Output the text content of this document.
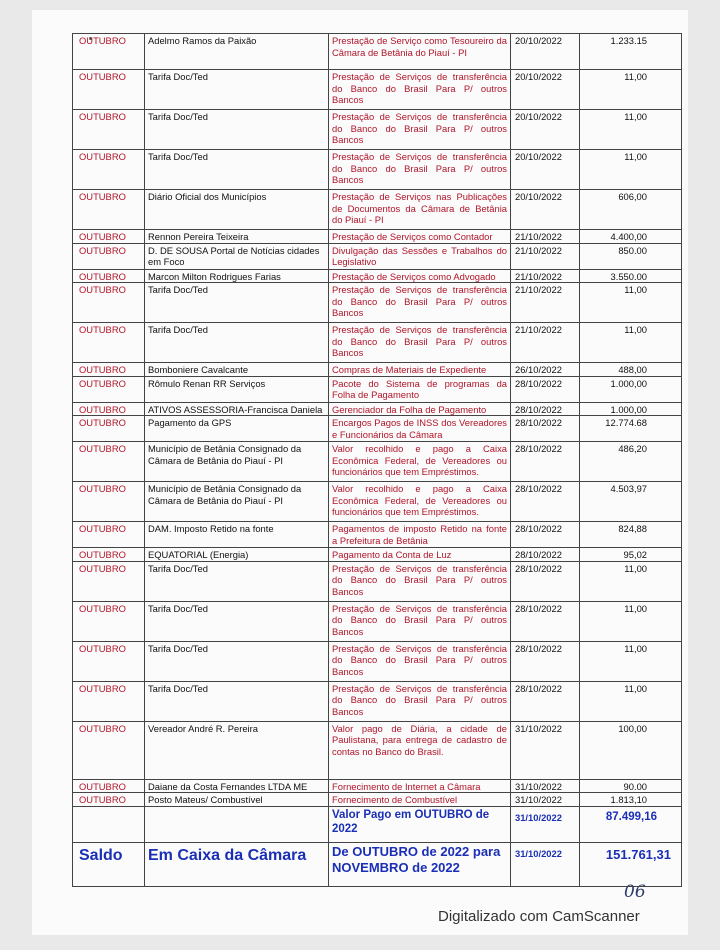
OUTUBRO	Adelmo Ramos da Paixão	Prestação de Serviço como Tesoureiro da Câmara de Betânia do Piauí - PI	20/10/2022	1.233.15
OUTUBRO	Tarifa Doc/Ted	Prestação de Serviços de transferência do Banco do Brasil Para P/ outros Bancos	20/10/2022	11,00
OUTUBRO	Tarifa Doc/Ted	Prestação de Serviços de transferência do Banco do Brasil Para P/ outros Bancos	20/10/2022	11,00
OUTUBRO	Tarifa Doc/Ted	Prestação de Serviços de transferência do Banco do Brasil Para P/ outros Bancos	20/10/2022	11,00
OUTUBRO	Diário Oficial dos Municípios	Prestação de Serviços nas Publicações de Documentos da Câmara de Betânia do Piauí - PI	20/10/2022	606,00
OUTUBRO	Rennon Pereira Teixeira	Prestação de Serviços como Contador	21/10/2022	4.400,00
OUTUBRO	D. DE SOUSA Portal de Notícias cidades em Foco	Divulgação das Sessões e Trabalhos do Legislativo	21/10/2022	850.00
OUTUBRO	Marcon Milton Rodrigues Farias	Prestação de Serviços como Advogado	21/10/2022	3.550.00
OUTUBRO	Tarifa Doc/Ted	Prestação de Serviços de transferência do Banco do Brasil Para P/ outros Bancos	21/10/2022	11,00
OUTUBRO	Tarifa Doc/Ted	Prestação de Serviços de transferência do Banco do Brasil Para P/ outros Bancos	21/10/2022	11,00
OUTUBRO	Bomboniere Cavalcante	Compras de Materiais de Expediente	26/10/2022	488,00
OUTUBRO	Rômulo Renan RR Serviços	Pacote do Sistema de programas da Folha de Pagamento	28/10/2022	1.000,00
OUTUBRO	ATIVOS ASSESSORIA-Francisca Daniela	Gerenciador da Folha de Pagamento	28/10/2022	1.000,00
OUTUBRO	Pagamento da GPS	Encargos Pagos de INSS dos Vereadores e Funcionários da Câmara	28/10/2022	12.774.68
OUTUBRO	Município de Betânia Consignado da Câmara de Betânia do Piauí - PI	Valor recolhido e pago a Caixa Econômica Federal, de Vereadores ou funcionários que tem Empréstimos.	28/10/2022	486,20
OUTUBRO	Município de Betânia Consignado da Câmara de Betânia do Piauí - PI	Valor recolhido e pago a Caixa Econômica Federal, de Vereadores ou funcionários que tem Empréstimos.	28/10/2022	4.503,97
OUTUBRO	DAM. Imposto Retido na fonte	Pagamentos de imposto Retido na fonte a Prefeitura de Betânia	28/10/2022	824,88
OUTUBRO	EQUATORIAL (Energia)	Pagamento da Conta de Luz	28/10/2022	95,02
OUTUBRO	Tarifa Doc/Ted	Prestação de Serviços de transferência do Banco do Brasil Para P/ outros Bancos	28/10/2022	11,00
OUTUBRO	Tarifa Doc/Ted	Prestação de Serviços de transferência do Banco do Brasil Para P/ outros Bancos	28/10/2022	11,00
OUTUBRO	Tarifa Doc/Ted	Prestação de Serviços de transferência do Banco do Brasil Para P/ outros Bancos	28/10/2022	11,00
OUTUBRO	Tarifa Doc/Ted	Prestação de Serviços de transferência do Banco do Brasil Para P/ outros Bancos	28/10/2022	11,00
OUTUBRO	Vereador André R. Pereira	Valor pago de Diária, a cidade de Paulistana, para entrega de cadastro de contas no Banco do Brasil.	31/10/2022	100,00
OUTUBRO	Daiane da Costa Fernandes LTDA ME	Fornecimento de Internet a Câmara	31/10/2022	90.00
OUTUBRO	Posto Mateus/ Combustível	Fornecimento de Combustível	31/10/2022	1.813,10
		Valor Pago em OUTUBRO de 2022	31/10/2022	87.499,16
Saldo	Em Caixa da Câmara	De OUTUBRO de 2022 para NOVEMBRO de 2022	31/10/2022	151.761,31
06
Digitalizado com CamScanner
